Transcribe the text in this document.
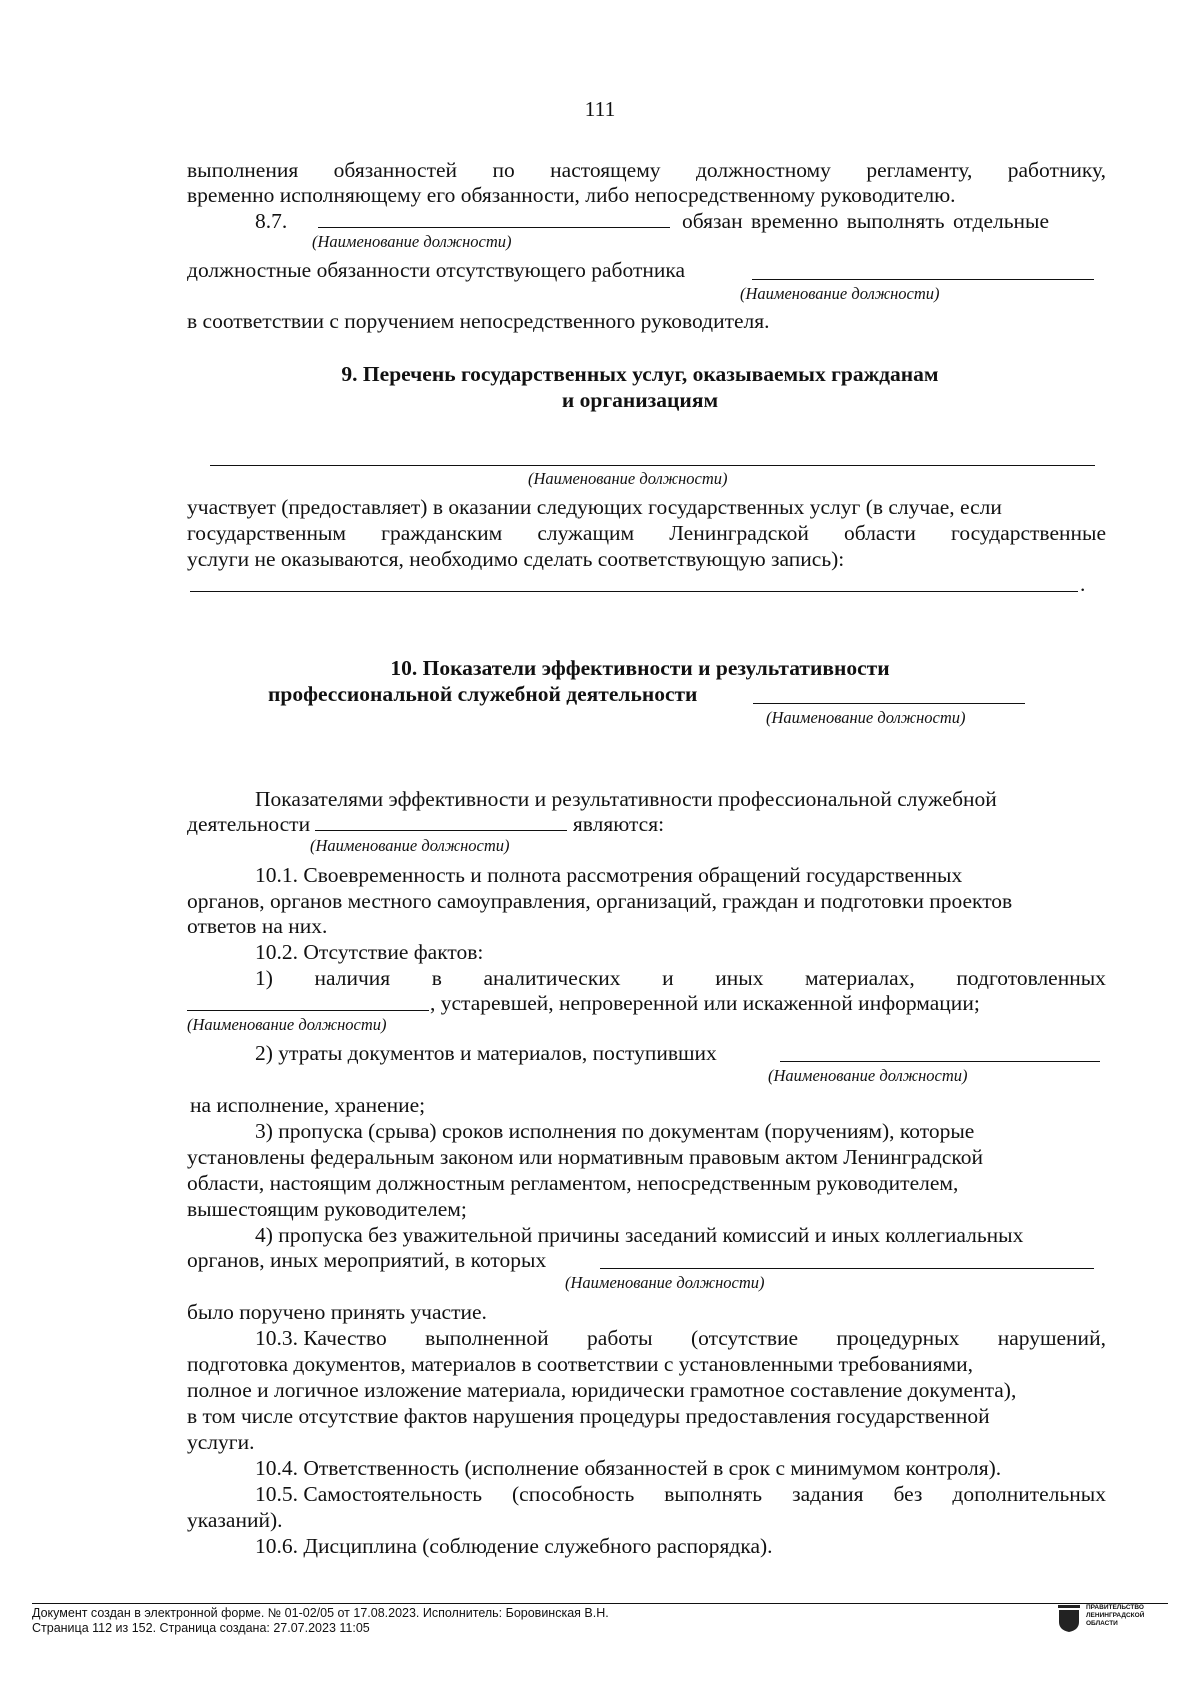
111
выполнения обязанностей по настоящему должностному регламенту, работнику,
временно исполняющему его обязанности, либо непосредственному руководителю.
8.7.	обязан временно выполнять отдельные
(Наименование должности)
должностные обязанности отсутствующего работника
(Наименование должности)
в соответствии с поручением непосредственного руководителя.
9. Перечень государственных услуг, оказываемых гражданам
и организациям
(Наименование должности)
участвует (предоставляет) в оказании следующих государственных услуг (в случае, если
государственным гражданским служащим Ленинградской области государственные
услуги не оказываются, необходимо сделать соответствующую запись):
.
10. Показатели эффективности и результативности
профессиональной служебной деятельности
(Наименование должности)
Показателями эффективности и результативности профессиональной служебной
деятельности	являются:
(Наименование должности)
10.1. Своевременность и полнота рассмотрения обращений государственных
органов, органов местного самоуправления, организаций, граждан и подготовки проектов
ответов на них.
10.2. Отсутствие фактов:
1) наличия в аналитических и иных материалах, подготовленных
, устаревшей, непроверенной или искаженной информации;
(Наименование должности)
2) утраты документов и материалов, поступивших
(Наименование должности)
на исполнение, хранение;
3) пропуска (срыва) сроков исполнения по документам (поручениям), которые
установлены федеральным законом или нормативным правовым актом Ленинградской
области, настоящим должностным регламентом, непосредственным руководителем,
вышестоящим руководителем;
4) пропуска без уважительной причины заседаний комиссий и иных коллегиальных
органов, иных мероприятий, в которых
(Наименование должности)
было поручено принять участие.
10.3. Качество выполненной работы (отсутствие процедурных нарушений,
подготовка документов, материалов в соответствии с установленными требованиями,
полное и логичное изложение материала, юридически грамотное составление документа),
в том числе отсутствие фактов нарушения процедуры предоставления государственной
услуги.
10.4. Ответственность (исполнение обязанностей в срок с минимумом контроля).
10.5. Самостоятельность (способность выполнять задания без дополнительных
указаний).
10.6. Дисциплина (соблюдение служебного распорядка).
Документ создан в электронной форме. № 01-02/05 от 17.08.2023. Исполнитель: Боровинская В.Н.
Страница 112 из 152. Страница создана: 27.07.2023 11:05
ПРАВИТЕЛЬСТВО
ЛЕНИНГРАДСКОЙ
ОБЛАСТИ
